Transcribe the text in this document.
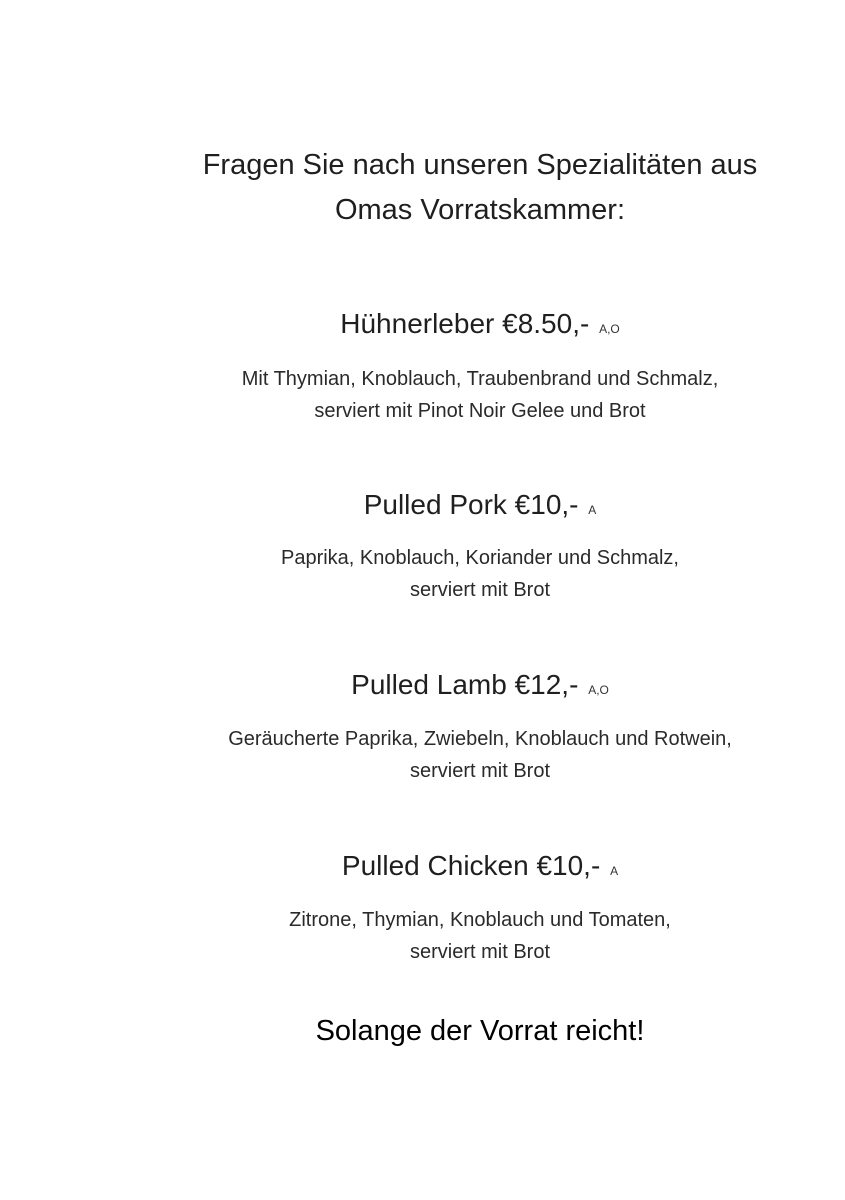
Fragen Sie nach unseren Spezialitäten aus
Omas Vorratskammer:
Hühnerleber €8.50,- A,O
Mit Thymian, Knoblauch, Traubenbrand und Schmalz,
serviert mit Pinot Noir Gelee und Brot
Pulled Pork €10,- A
Paprika, Knoblauch, Koriander und Schmalz,
serviert mit Brot
Pulled Lamb €12,- A,O
Geräucherte Paprika, Zwiebeln, Knoblauch und Rotwein,
serviert mit Brot
Pulled Chicken €10,- A
Zitrone, Thymian, Knoblauch und Tomaten,
serviert mit Brot
Solange der Vorrat reicht!
